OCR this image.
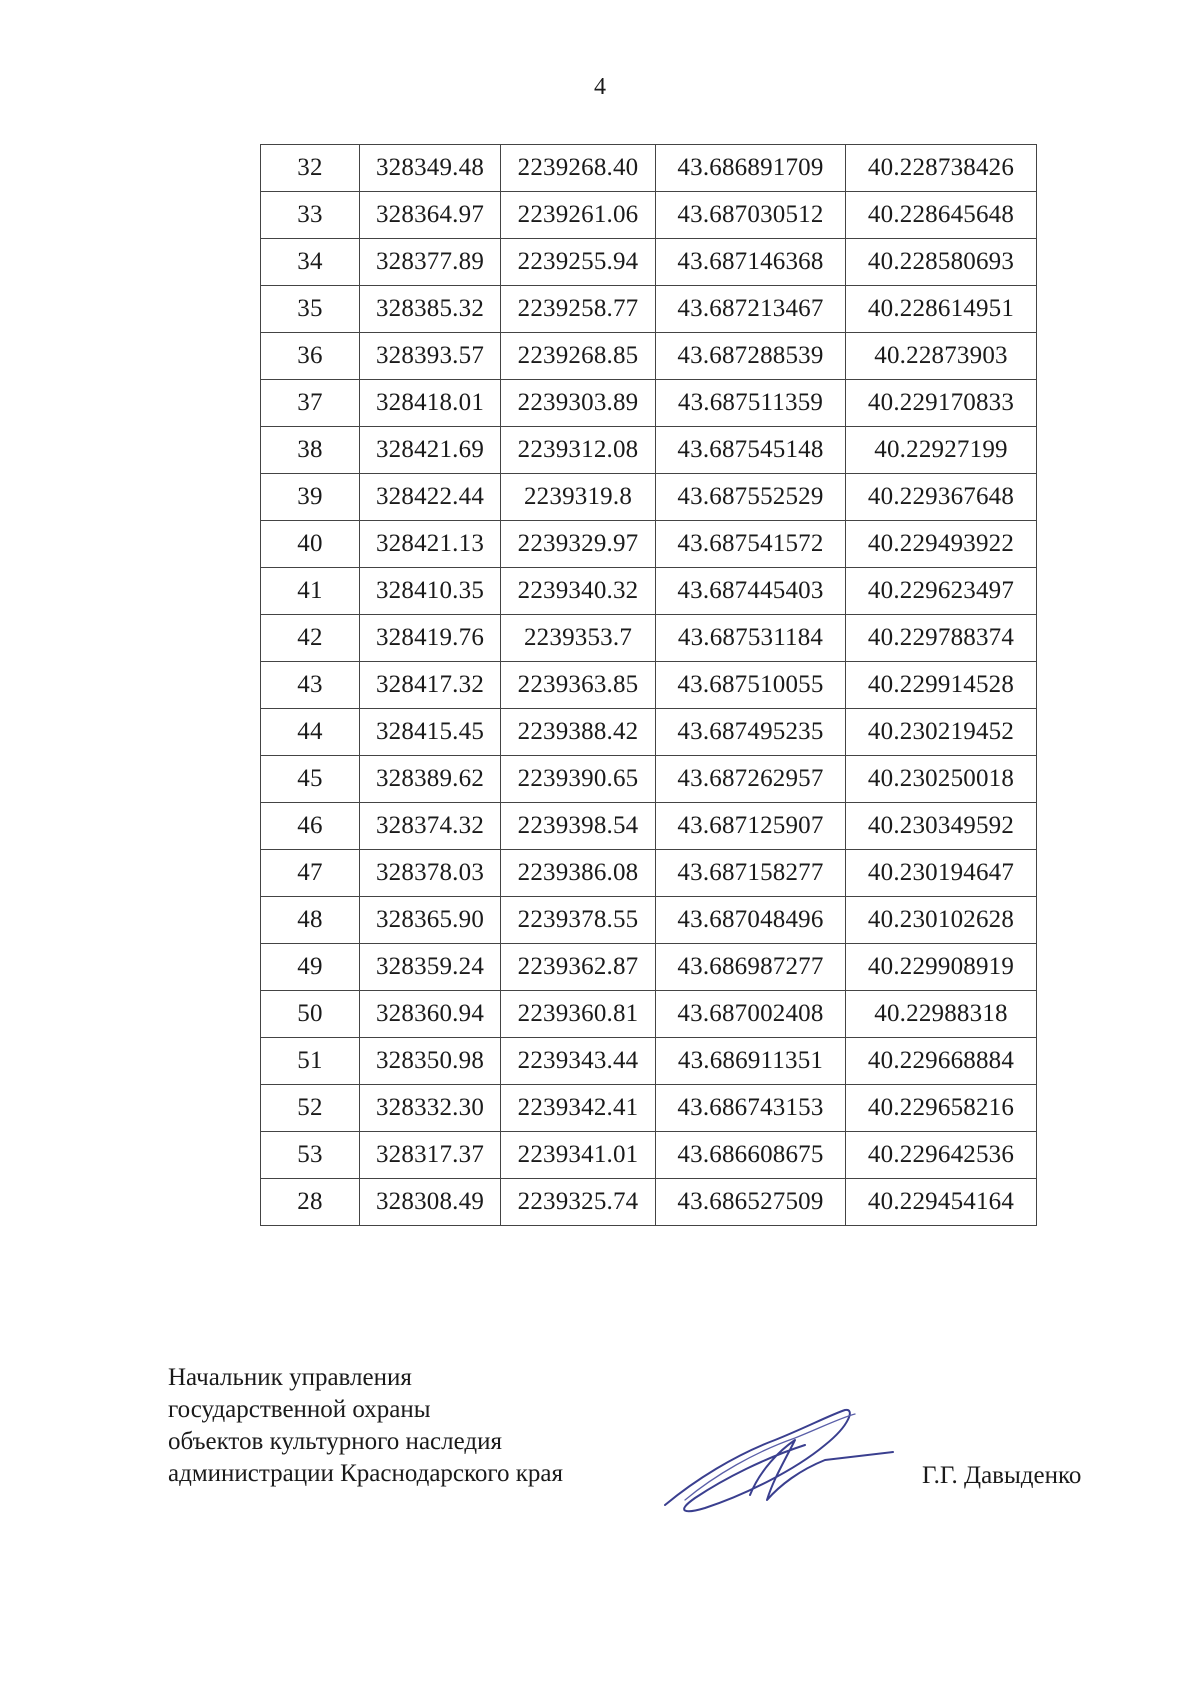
4
32	328349.48	2239268.40	43.686891709	40.228738426
33	328364.97	2239261.06	43.687030512	40.228645648
34	328377.89	2239255.94	43.687146368	40.228580693
35	328385.32	2239258.77	43.687213467	40.228614951
36	328393.57	2239268.85	43.687288539	40.22873903
37	328418.01	2239303.89	43.687511359	40.229170833
38	328421.69	2239312.08	43.687545148	40.22927199
39	328422.44	2239319.8	43.687552529	40.229367648
40	328421.13	2239329.97	43.687541572	40.229493922
41	328410.35	2239340.32	43.687445403	40.229623497
42	328419.76	2239353.7	43.687531184	40.229788374
43	328417.32	2239363.85	43.687510055	40.229914528
44	328415.45	2239388.42	43.687495235	40.230219452
45	328389.62	2239390.65	43.687262957	40.230250018
46	328374.32	2239398.54	43.687125907	40.230349592
47	328378.03	2239386.08	43.687158277	40.230194647
48	328365.90	2239378.55	43.687048496	40.230102628
49	328359.24	2239362.87	43.686987277	40.229908919
50	328360.94	2239360.81	43.687002408	40.22988318
51	328350.98	2239343.44	43.686911351	40.229668884
52	328332.30	2239342.41	43.686743153	40.229658216
53	328317.37	2239341.01	43.686608675	40.229642536
28	328308.49	2239325.74	43.686527509	40.229454164
Начальник управления
государственной охраны
объектов культурного наследия
администрации Краснодарского края	Г.Г. Давыденко
